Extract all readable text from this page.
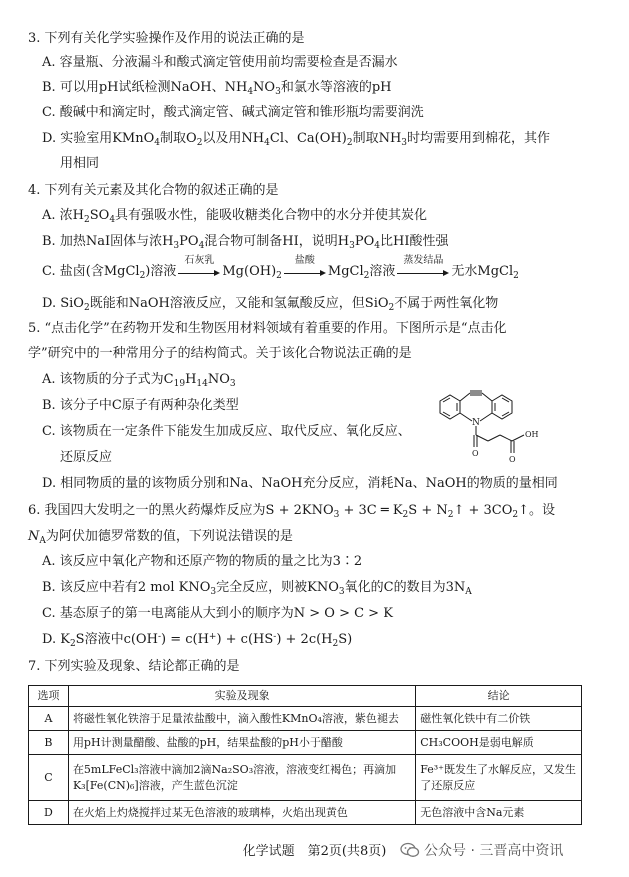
3. 下列有关化学实验操作及作用的说法正确的是
A. 容量瓶、分液漏斗和酸式滴定管使用前均需要检查是否漏水
B. 可以用pH试纸检测NaOH、$NH_4NO_3$和氯水等溶液的pH
C. 酸碱中和滴定时，酸式滴定管、碱式滴定管和锥形瓶均需要润洗
D. 实验室用KMnO$_4$制取$O_2$以及用$NH_4Cl$、$Ca(OH)_2$制取$NH_3$时均需要用到棉花，其作
用相同
4. 下列有关元素及其化合物的叙述正确的是
A. 浓$H_2SO_4$具有强吸水性，能吸收糖类化合物中的水分并使其炭化
B. 加热NaI固体与浓$H_3PO_4$混合物可制备HI，说明$H_3PO_4$比HI酸性强
C. 盐卤(含MgCl$_2$)溶液
石灰乳
$Mg(OH)_2$
盐酸
MgCl$_2$溶液
蒸发结晶
无水MgCl$_2$
D. SiO$_2$既能和NaOH溶液反应，又能和氢氟酸反应，但SiO$_2$不属于两性氧化物
5. “点击化学”在药物开发和生物医用材料领域有着重要的作用。下图所示是“点击化
学”研究中的一种常用分子的结构简式。关于该化合物说法正确的是
A. 该物质的分子式为$C_{19}H_{14}NO_3$
B. 该分子中C原子有两种杂化类型
C. 该物质在一定条件下能发生加成反应、取代反应、氧化反应、
还原反应
D. 相同物质的量的该物质分别和Na、NaOH充分反应，消耗Na、NaOH的物质的量相同
N
OH
O
O
6. 我国四大发明之一的黑火药爆炸反应为$S + 2KNO_3 + 3C$ ═ $K_2S$ + $N_2↑$ + $3CO_2↑$。设
$N_A$为阿伏加德罗常数的值，下列说法错误的是
A. 该反应中氧化产物和还原产物的物质的量之比为3∶2
B. 该反应中若有2 mol $KNO_3$完全反应，则被$KNO_3$氧化的C的数目为$3N_A$
C. 基态原子的第一电离能从大到小的顺序为N > O > C > K
D. $K_2S$溶液中$c(OH^-) = c(H^+) + c(HS^-) + 2c(H_2S)$
7. 下列实验及现象、结论都正确的是
选项	实验及现象	结论
A	将磁性氧化铁溶于足量浓盐酸中，滴入酸性KMnO₄溶液，紫色褪去	磁性氧化铁中有二价铁
B	用pH计测量醋酸、盐酸的pH，结果盐酸的pH小于醋酸	CH₃COOH是弱电解质
C	在5mLFeCl₃溶液中滴加2滴Na₂SO₃溶液，溶液变红褐色；再滴加K₃[Fe(CN)₆]溶液，产生蓝色沉淀	Fe³⁺既发生了水解反应，又发生了还原反应
D	在火焰上灼烧搅拌过某无色溶液的玻璃棒，火焰出现黄色	无色溶液中含Na元素
化学试题　第2页(共8页)	公众号 · 三晋高中资讯
